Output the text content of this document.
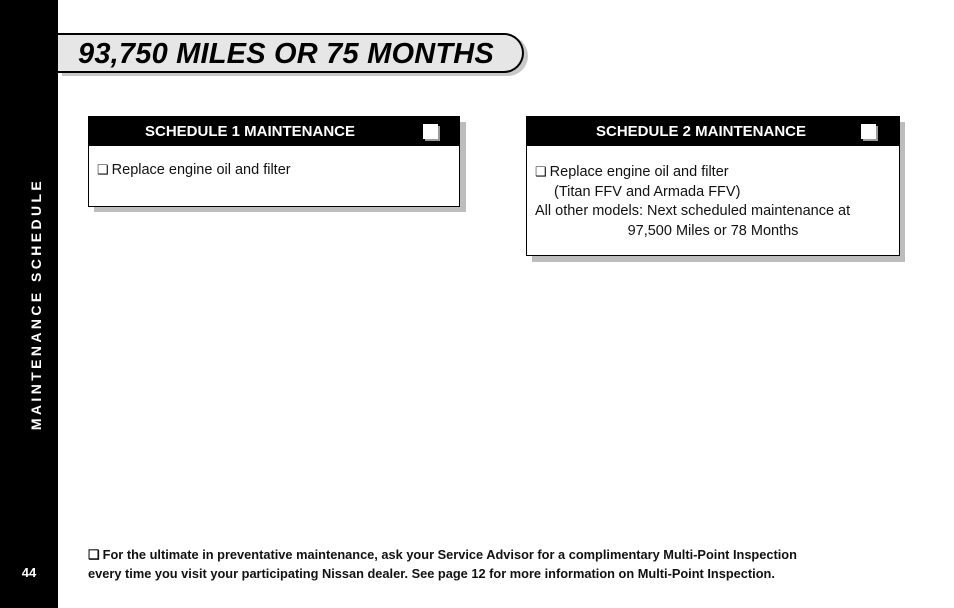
MAINTENANCE SCHEDULE
44
93,750 MILES OR 75 MONTHS
SCHEDULE 1 MAINTENANCE
❑ Replace engine oil and filter
SCHEDULE 2 MAINTENANCE
❑ Replace engine oil and filter
(Titan FFV and Armada FFV)
All other models: Next scheduled maintenance at
97,500 Miles or 78 Months
❑ For the ultimate in preventative maintenance, ask your Service Advisor for a complimentary Multi-Point Inspection
every time you visit your participating Nissan dealer. See page 12 for more information on Multi-Point Inspection.
